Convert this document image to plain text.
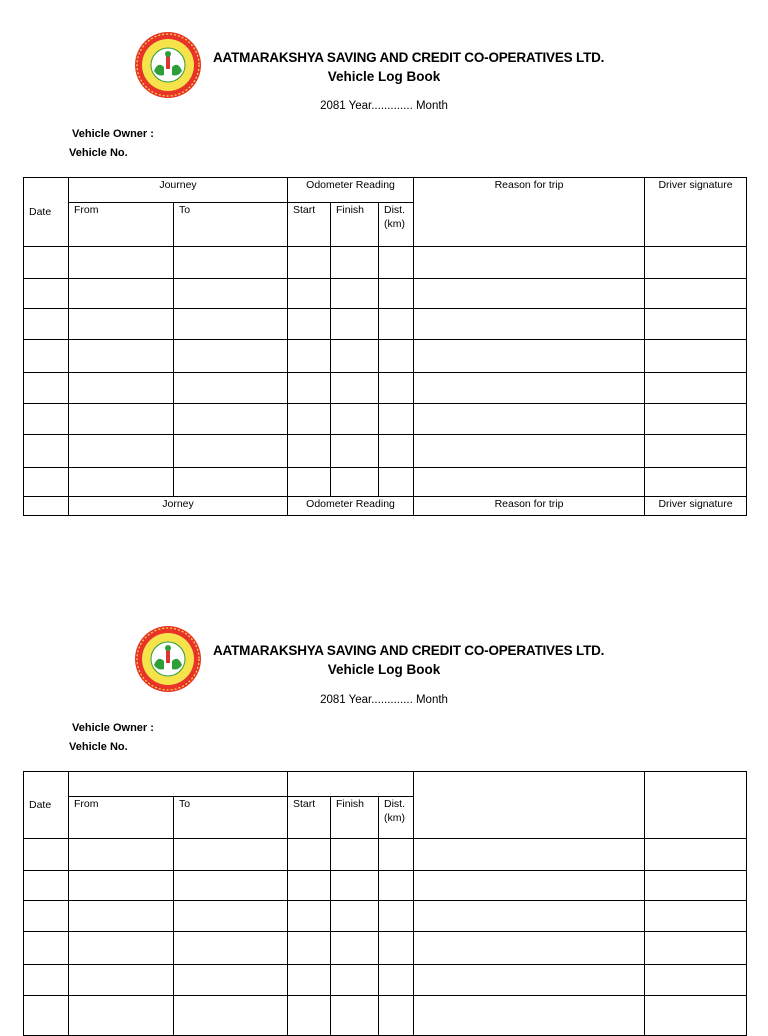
AATMARAKSHYA SAVING AND CREDIT CO-OPERATIVES LTD.
Vehicle Log Book
2081 Year............. Month
Vehicle Owner :
Vehicle No.
Date	Journey		Odometer Reading			Reason for trip	Driver signature
	From	To	Start	Finish	Dist. (km)		

	Jorney		Odometer Reading			Reason for trip	Driver signature
AATMARAKSHYA SAVING AND CREDIT CO-OPERATIVES LTD.
Vehicle Log Book
2081 Year............. Month
Vehicle Owner :
Vehicle No.
Date							
	From	To	Start	Finish	Dist. (km)		
